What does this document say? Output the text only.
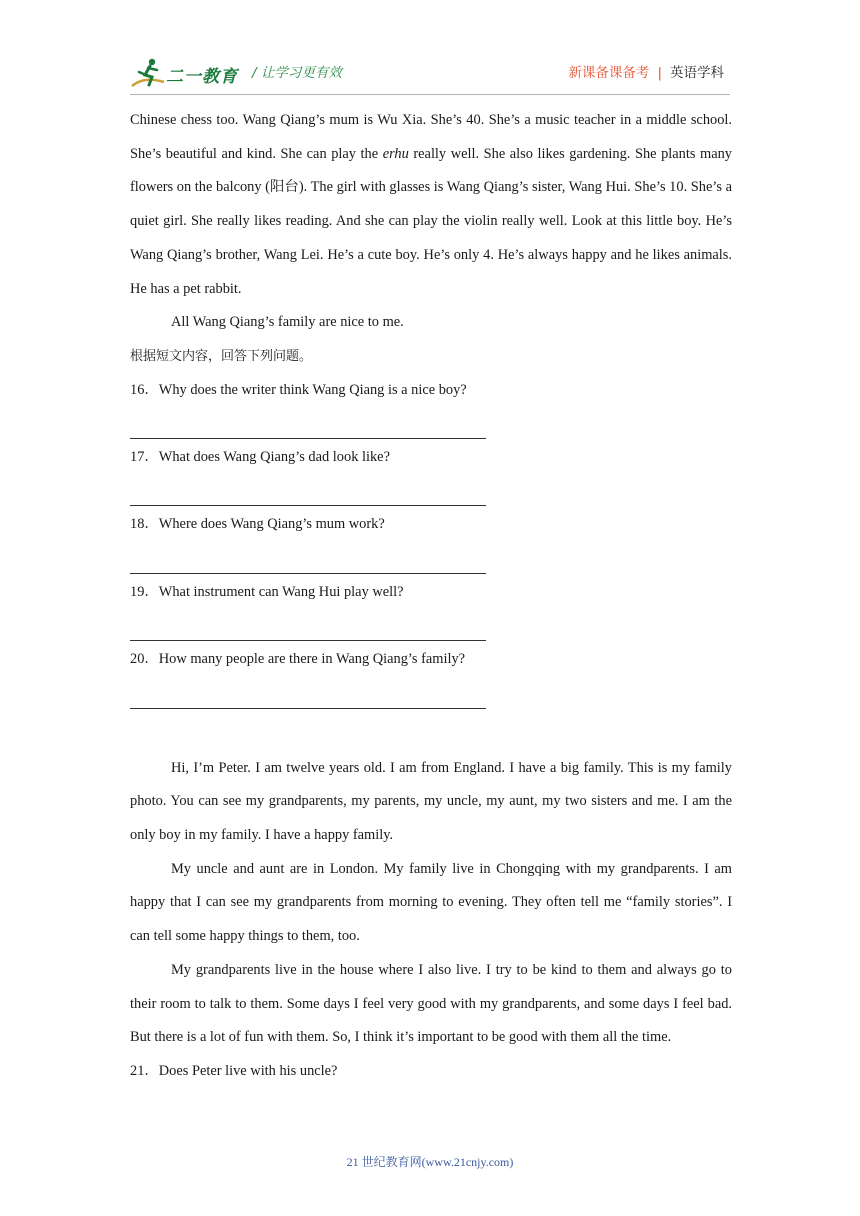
二一教育 / 让学习更有效	新课备课备考 | 英语学科

Chinese chess too. Wang Qiang’s mum is Wu Xia. She’s 40. She’s a music teacher in a middle school. She’s beautiful and kind. She can play the erhu really well. She also likes gardening. She plants many flowers on the balcony (阳台). The girl with glasses is Wang Qiang’s sister, Wang Hui. She’s 10. She’s a quiet girl. She really likes reading. And she can play the violin really well. Look at this little boy. He’s Wang Qiang’s brother, Wang Lei. He’s a cute boy. He’s only 4. He’s always happy and he likes animals. He has a pet rabbit.

All Wang Qiang’s family are nice to me.

根据短文内容，回答下列问题。

16．Why does the writer think Wang Qiang is a nice boy?

17．What does Wang Qiang’s dad look like?

18．Where does Wang Qiang’s mum work?

19．What instrument can Wang Hui play well?

20．How many people are there in Wang Qiang’s family?

Hi, I’m Peter. I am twelve years old. I am from England. I have a big family. This is my family photo. You can see my grandparents, my parents, my uncle, my aunt, my two sisters and me. I am the only boy in my family. I have a happy family.

My uncle and aunt are in London. My family live in Chongqing with my grandparents. I am happy that I can see my grandparents from morning to evening. They often tell me “family stories”. I can tell some happy things to them, too.

My grandparents live in the house where I also live. I try to be kind to them and always go to their room to talk to them. Some days I feel very good with my grandparents, and some days I feel bad. But there is a lot of fun with them. So, I think it’s important to be good with them all the time.

21．Does Peter live with his uncle?

21 世纪教育网(www.21cnjy.com)
